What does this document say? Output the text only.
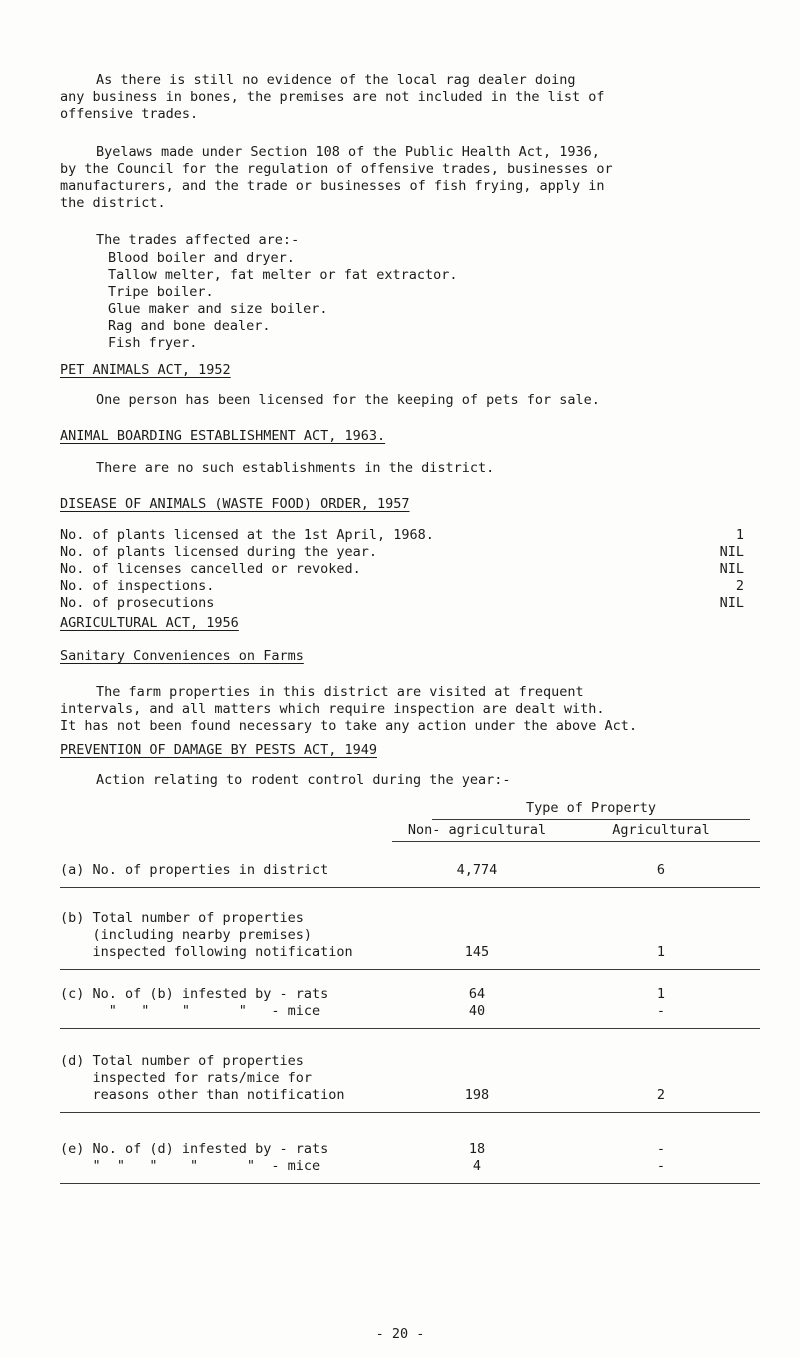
As there is still no evidence of the local rag dealer doing
any business in bones, the premises are not included in the list of
offensive trades.

Byelaws made under Section 108 of the Public Health Act, 1936,
by the Council for the regulation of offensive trades, businesses or
manufacturers, and the trade or businesses of fish frying, apply in
the district.

The trades affected are:-

Blood boiler and dryer.
Tallow melter, fat melter or fat extractor.
Tripe boiler.
Glue maker and size boiler.
Rag and bone dealer.
Fish fryer.

PET ANIMALS ACT, 1952

One person has been licensed for the keeping of pets for sale.

ANIMAL BOARDING ESTABLISHMENT ACT, 1963.

There are no such establishments in the district.

DISEASE OF ANIMALS (WASTE FOOD) ORDER, 1957

No. of plants licensed at the 1st April, 1968.	1
No. of plants licensed during the year.	NIL
No. of licenses cancelled or revoked.	NIL
No. of inspections.	2
No. of prosecutions	NIL

AGRICULTURAL ACT, 1956

Sanitary Conveniences on Farms

The farm properties in this district are visited at frequent
intervals, and all matters which require inspection are dealt with.
It has not been found necessary to take any action under the above Act.

PREVENTION OF DAMAGE BY PESTS ACT, 1949

Action relating to rodent control during the year:-

Type of Property
Non- agricultural	Agricultural
(a) No. of properties in district		4,774	6

(b) Total number of properties			
(including nearby premises)			
inspected following notification		145	1

(c) No. of (b) infested by - rats		64	1
"   "    "      "   - mice		40	-

(d) Total number of properties			
inspected for rats/mice for			
reasons other than notification		198	2

(e) No. of (d) infested by - rats		18	-
"  "   "    "      "  - mice		4	-

- 20 -
